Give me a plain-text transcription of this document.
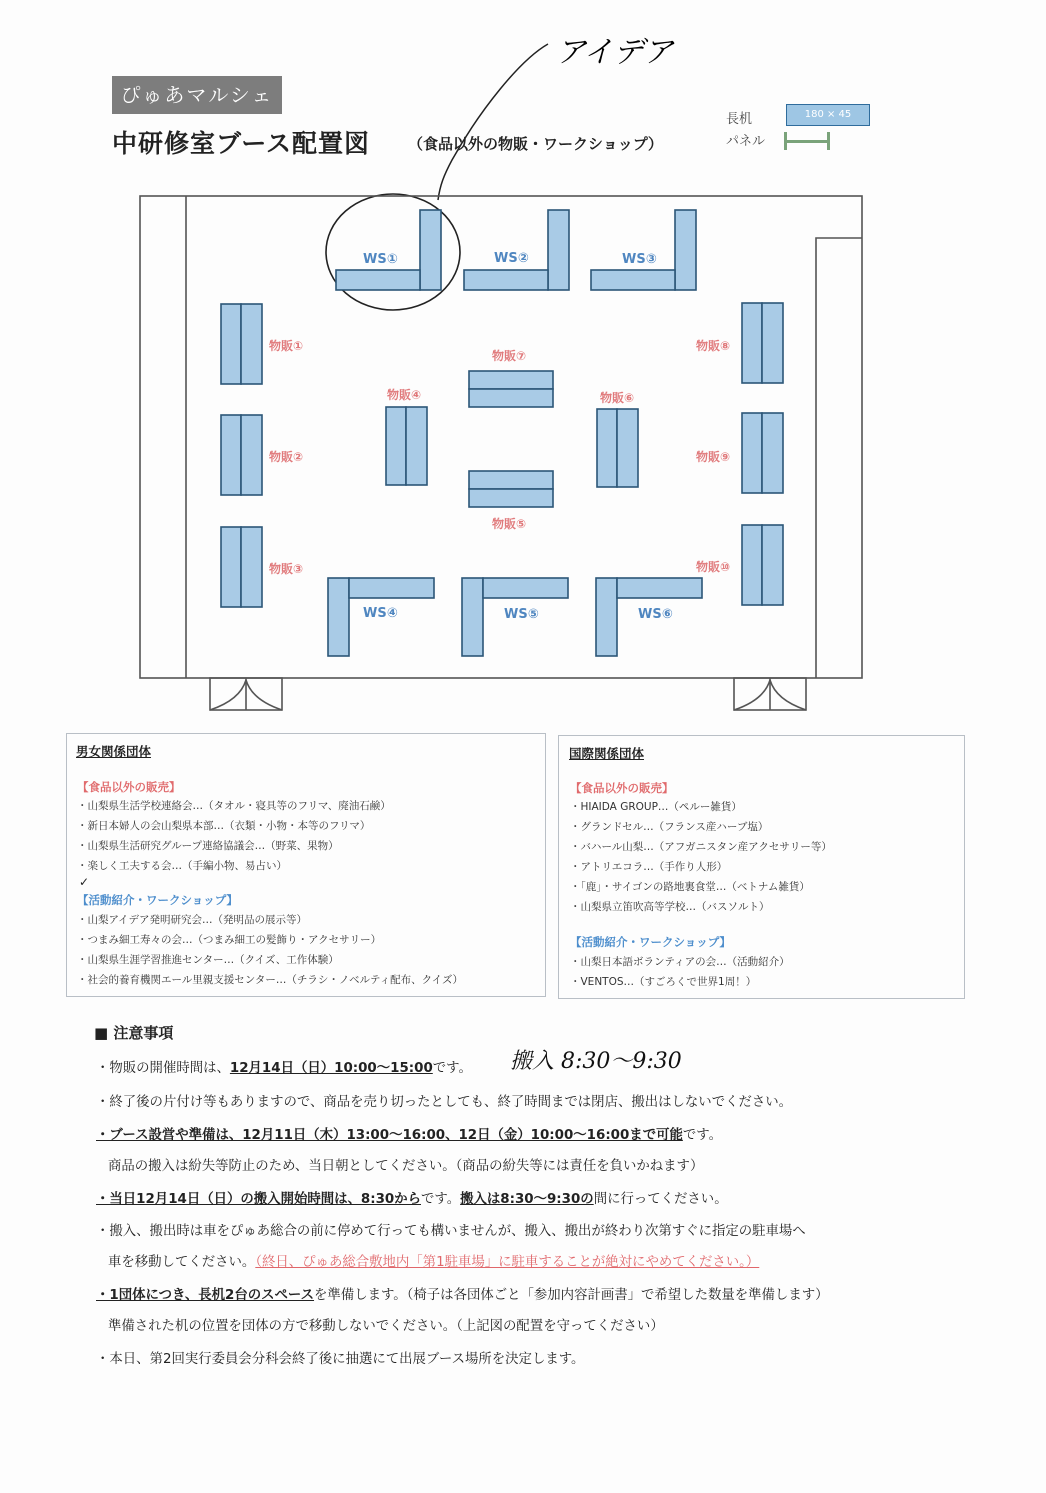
ぴゅあマルシェ
中研修室ブース配置図	（食品以外の物販・ワークショップ）
長机	180 × 45
パネル
アイデア
WS①	WS②	WS③
WS④	WS⑤	WS⑥
物販①
物販②
物販③
物販④
物販⑦
物販⑤
物販⑥
物販⑧
物販⑨
物販⑩
男女関係団体
【食品以外の販売】
・山梨県生活学校連絡会…（タオル・寝具等のフリマ、廃油石鹸）
・新日本婦人の会山梨県本部…（衣類・小物・本等のフリマ）
・山梨県生活研究グループ連絡協議会…（野菜、果物）
・楽しく工夫する会…（手編小物、易占い）
✓
【活動紹介・ワークショップ】
・山梨アイデア発明研究会…（発明品の展示等）
・つまみ細工寿々の会…（つまみ細工の髪飾り・アクセサリー）
・山梨県生涯学習推進センター…（クイズ、工作体験）
・社会的養育機関エール里親支援センター…（チラシ・ノベルティ配布、クイズ）
国際関係団体
【食品以外の販売】
・HIAIDA GROUP…（ペルー雑貨）
・グランドセル…（フランス産ハーブ塩）
・バハール山梨…（アフガニスタン産アクセサリー等）
・アトリエコラ…（手作り人形）
・「鹿」・サイゴンの路地裏食堂…（ベトナム雑貨）
・山梨県立笛吹高等学校…（バスソルト）
【活動紹介・ワークショップ】
・山梨日本語ボランティアの会…（活動紹介）
・VENTOS…（すごろくで世界1周！）
■ 注意事項
・物販の開催時間は、12月14日（日）10:00～15:00です。 搬入 8:30～9:30
・終了後の片付け等もありますので、商品を売り切ったとしても、終了時間までは閉店、搬出はしないでください。
・ブース設営や準備は、12月11日（木）13:00～16:00、12日（金）10:00～16:00まで可能です。
商品の搬入は紛失等防止のため、当日朝としてください。（商品の紛失等には責任を負いかねます）
・当日12月14日（日）の搬入開始時間は、8:30からです。搬入は8:30～9:30の間に行ってください。
・搬入、搬出時は車をぴゅあ総合の前に停めて行っても構いませんが、搬入、搬出が終わり次第すぐに指定の駐車場へ
車を移動してください。（終日、ぴゅあ総合敷地内「第1駐車場」に駐車することが絶対にやめてください。）
・1団体につき、長机2台のスペースを準備します。（椅子は各団体ごと「参加内容計画書」で希望した数量を準備します）
準備された机の位置を団体の方で移動しないでください。（上記図の配置を守ってください）
・本日、第2回実行委員会分科会終了後に抽選にて出展ブース場所を決定します。
